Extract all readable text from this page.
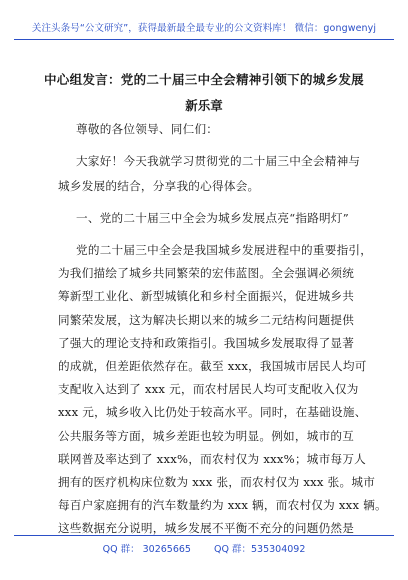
关注头条号“公文研究”，获得最新最全最专业的公文资料库！ 微信：gongwenyj
中心组发言：党的二十届三中全会精神引领下的城乡发展
新乐章
尊敬的各位领导、同仁们：
大家好！今天我就学习贯彻党的二十届三中全会精神与
城乡发展的结合，分享我的心得体会。
一、党的二十届三中全会为城乡发展点亮“指路明灯”
党的二十届三中全会是我国城乡发展进程中的重要指引，
为我们描绘了城乡共同繁荣的宏伟蓝图。全会强调必须统
筹新型工业化、新型城镇化和乡村全面振兴，促进城乡共
同繁荣发展，这为解决长期以来的城乡二元结构问题提供
了强大的理论支持和政策指引。我国城乡发展取得了显著
的成就，但差距依然存在。截至 xxx，我国城市居民人均可
支配收入达到了 xxx 元，而农村居民人均可支配收入仅为
xxx 元，城乡收入比仍处于较高水平。同时，在基础设施、
公共服务等方面，城乡差距也较为明显。例如，城市的互
联网普及率达到了 xxx%，而农村仅为 xxx%；城市每万人
拥有的医疗机构床位数为 xxx 张，而农村仅为 xxx 张。城市
每百户家庭拥有的汽车数量约为 xxx 辆，而农村仅为 xxx 辆。
这些数据充分说明，城乡发展不平衡不充分的问题仍然是
QQ 群： 30265665 QQ 群：535304092
